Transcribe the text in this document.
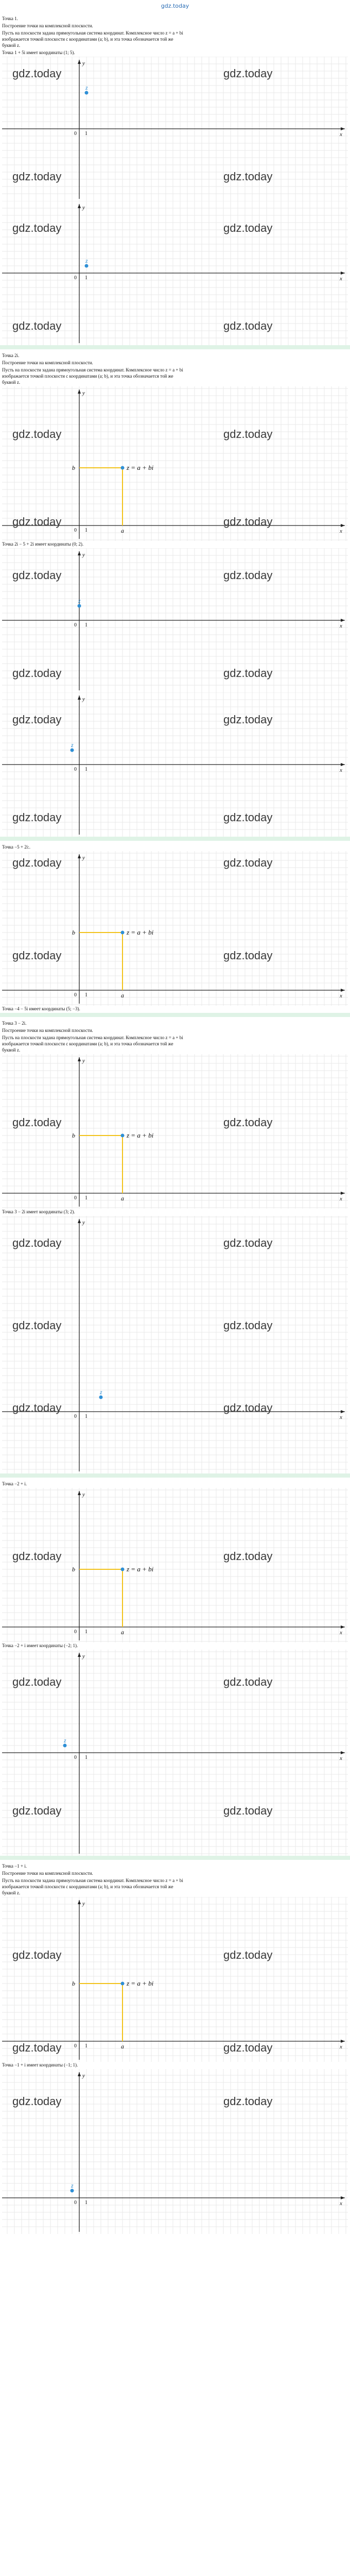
gdz.today
Точка 1.
Построение точки на комплексной плоскости.
Пусть на плоскости задана прямоугольная система координат. Комплексное число z = a + bi изображается точкой плоскости с координатами (a; b), и эта точка обозначается той же буквой z.
Точка 1 + 5i имеет координаты (1; 5).
y
x
0 1
z
gdz.today	gdz.today
gdz.today	gdz.today
y
x
0 1
z
gdz.today	gdz.today
gdz.today	gdz.today
Точка 2i.
Построение точки на комплексной плоскости.
Пусть на плоскости задана прямоугольная система координат. Комплексное число z = a + bi изображается точкой плоскости с координатами (a; b), и эта точка обозначается той же буквой z.
y
x
0 1
z = a + bi
b
a
gdz.today	gdz.today
gdz.today	gdz.today
Точка 2i − 5 + 2i имеет координаты (0; 2).
y
x
0 1
z
gdz.today	gdz.today
gdz.today	gdz.today
y
x
0 1
z
gdz.today	gdz.today
gdz.today	gdz.today
Точка −5 + 2i:.
y
x
0 1
z = a + bi
b
a
gdz.today	gdz.today
gdz.today	gdz.today
Точка −4 − 5i имеет координаты (5; −3).
Точка 3 − 2i.
Построение точки на комплексной плоскости.
Пусть на плоскости задана прямоугольная система координат. Комплексное число z = a + bi изображается точкой плоскости с координатами (a; b), и эта точка обозначается той же буквой z.
y
x
0 1
z = a + bi
b
a
gdz.today	gdz.today
Точка 3 − 2i имеет координаты (3; 2).
y
x
0 1
z
gdz.today	gdz.today
gdz.today	gdz.today
gdz.today	gdz.today
Точка −2 + i.
y
x
0 1
z = a + bi
b
a
gdz.today	gdz.today
Точка −2 + i имеет координаты (−2; 1).
y
x
0 1
z
gdz.today	gdz.today
gdz.today	gdz.today
Точка −1 + i.
Построение точки на комплексной плоскости.
Пусть на плоскости задана прямоугольная система координат. Комплексное число z = a + bi изображается точкой плоскости с координатами (a; b), и эта точка обозначается той же буквой z.
y
x
0 1
z = a + bi
b
a
gdz.today	gdz.today
gdz.today	gdz.today
Точка −1 + i имеет координаты (−1; 1).
y
x
0 1
z
gdz.today	gdz.today
